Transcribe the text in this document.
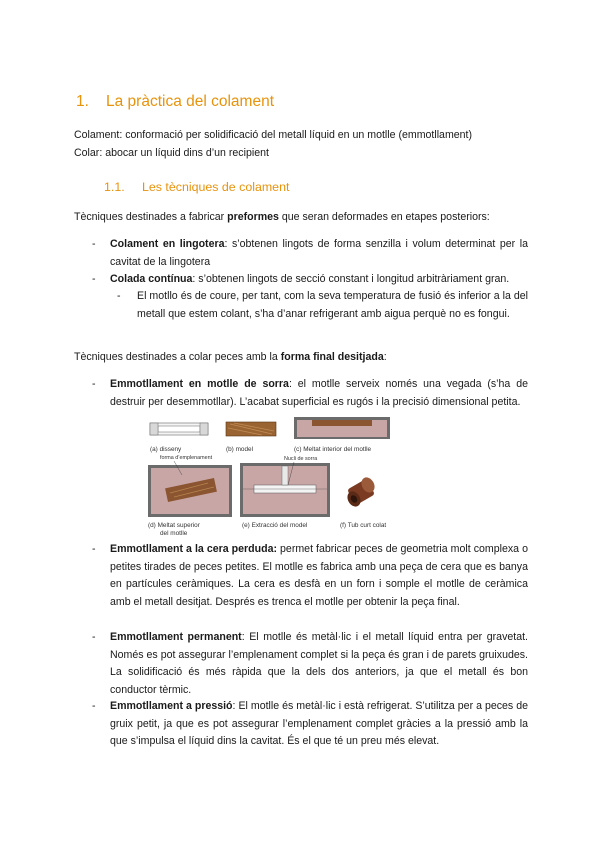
1. La pràctica del colament
Colament: conformació per solidificació del metall líquid en un motlle (emmotllament)
Colar: abocar un líquid dins d’un recipient
1.1. Les tècniques de colament
Tècniques destinades a fabricar preformes que seran deformades en etapes posteriors:
- Colament en lingotera: s’obtenen lingots de forma senzilla i volum determinat per la cavitat de la lingotera
- Colada contínua: s’obtenen lingots de secció constant i longitud arbitràriament gran.
- El motllo és de coure, per tant, com la seva temperatura de fusió és inferior a la del metall que estem colant, s’ha d’anar refrigerant amb aigua perquè no es fongui.
Tècniques destinades a colar peces amb la forma final desitjada:
- Emmotllament en motlle de sorra: el motlle serveix només una vegada (s’ha de destruir per desemmotllar). L’acabat superficial es rugós i la precisió dimensional petita.
(a) disseny	(b) model	(c) Meltat interior del motlle
forma d’emplenament	Nucli de sorra
(d) Meltat superior
del motlle
(e) Extracció del model	(f) Tub curt colat
- Emmotllament a la cera perduda: permet fabricar peces de geometria molt complexa o petites tirades de peces petites. El motlle es fabrica amb una peça de cera que es banya en partícules ceràmiques. La cera es desfà en un forn i somple el motlle de ceràmica amb el metall desitjat. Després es trenca el motlle per obtenir la peça final.
- Emmotllament permanent: El motlle és metàl·lic i el metall líquid entra per gravetat. Només es pot assegurar l’emplenament complet si la peça és gran i de parets gruixudes. La solidificació és més ràpida que la dels dos anteriors, ja que el metall és bon conductor tèrmic.
- Emmotllament a pressió: El motlle és metàl·lic i està refrigerat. S’utilitza per a peces de gruix petit, ja que es pot assegurar l’emplenament complet gràcies a la pressió amb la que s’impulsa el líquid dins la cavitat. És el que té un preu més elevat.
